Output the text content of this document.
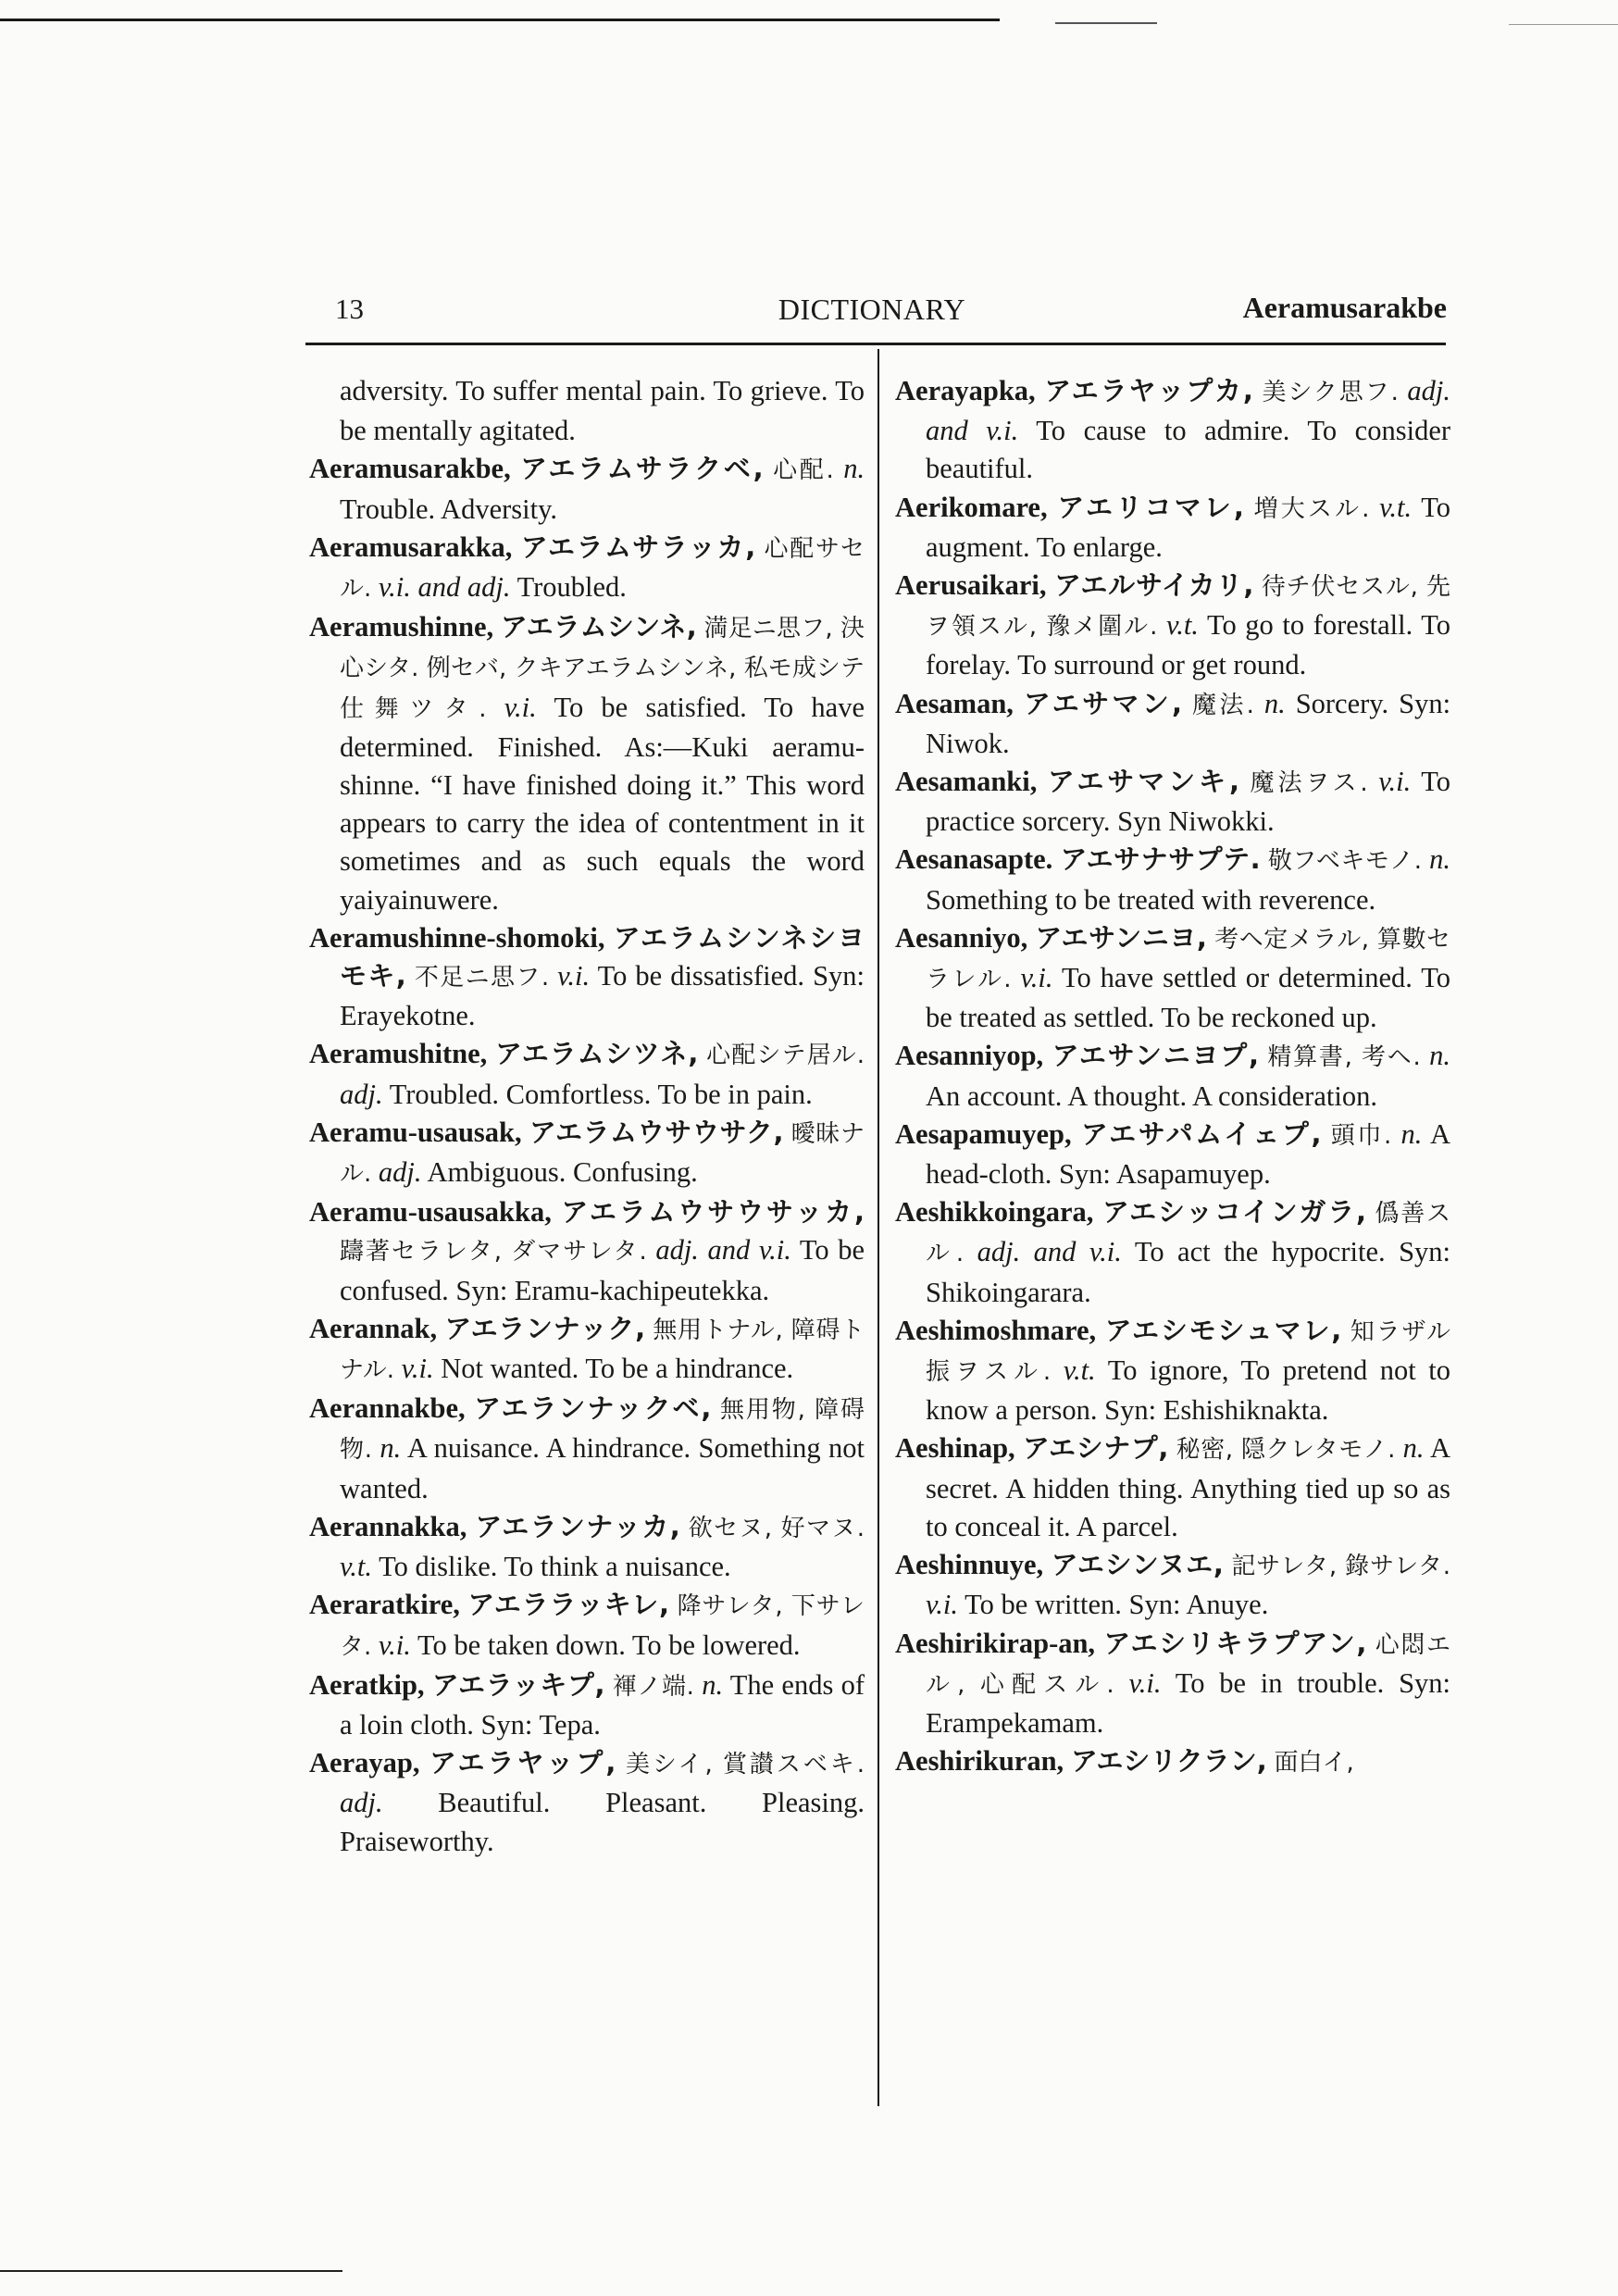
13	DICTIONARY	Aeramusarakbe

adversity. To suffer mental pain. To grieve. To be mentally agitated.

Aeramusarakbe, アエラムサラクベ, 心配. n. Trouble. Adversity.

Aeramusarakka, アエラムサラッカ, 心配サセル. v.i. and adj. Troubled.

Aeramushinne, アエラムシンネ, 満足ニ思フ, 決心シタ. 例セバ, クキアエラムシンネ, 私モ成シテ仕舞ツタ. v.i. To be satisfied. To have determined. Finished. As:—Kuki aeramu-shinne. “I have finished doing it.” This word appears to carry the idea of contentment in it sometimes and as such equals the word yaiyainuwere.

Aeramushinne-shomoki, アエラムシンネシヨモキ, 不足ニ思フ. v.i. To be dissatisfied. Syn: Erayekotne.

Aeramushitne, アエラムシツネ, 心配シテ居ル. adj. Troubled. Comfortless. To be in pain.

Aeramu-usausak, アエラムウサウサク, 曖昧ナル. adj. Ambiguous. Confusing.

Aeramu-usausakka, アエラムウサウサッカ, 躊著セラレタ, ダマサレタ. adj. and v.i. To be confused. Syn: Eramu-kachipeutekka.

Aerannak, アエランナック, 無用トナル, 障碍トナル. v.i. Not wanted. To be a hindrance.

Aerannakbe, アエランナックベ, 無用物, 障碍物. n. A nuisance. A hindrance. Something not wanted.

Aerannakka, アエランナッカ, 欲セヌ, 好マヌ. v.t. To dislike. To think a nuisance.

Aeraratkire, アエララッキレ, 降サレタ, 下サレタ. v.i. To be taken down. To be lowered.

Aeratkip, アエラッキプ, 褌ノ端. n. The ends of a loin cloth. Syn: Tepa.

Aerayap, アエラヤップ, 美シイ, 賞讃スベキ. adj. Beautiful. Pleasant. Pleasing. Praiseworthy.

Aerayapka, アエラヤップカ, 美シク思フ. adj. and v.i. To cause to admire. To consider beautiful.

Aerikomare, アエリコマレ, 増大スル. v.t. To augment. To enlarge.

Aerusaikari, アエルサイカリ, 待チ伏セスル, 先ヲ領スル, 豫メ圍ル. v.t. To go to forestall. To forelay. To surround or get round.

Aesaman, アエサマン, 魔法. n. Sorcery. Syn: Niwok.

Aesamanki, アエサマンキ, 魔法ヲス. v.i. To practice sorcery. Syn Niwokki.

Aesanasapte. アエサナサプテ. 敬フベキモノ. n. Something to be treated with reverence.

Aesanniyo, アエサンニヨ, 考ヘ定メラル, 算數セラレル. v.i. To have settled or determined. To be treated as settled. To be reckoned up.

Aesanniyop, アエサンニヨプ, 精算書, 考ヘ. n. An account. A thought. A consideration.

Aesapamuyep, アエサパムイェプ, 頭巾. n. A head-cloth. Syn: Asapamuyep.

Aeshikkoingara, アエシッコインガラ, 僞善スル. adj. and v.i. To act the hypocrite. Syn: Shikoingarara.

Aeshimoshmare, アエシモシュマレ, 知ラザル振ヲスル. v.t. To ignore, To pretend not to know a person. Syn: Eshishiknakta.

Aeshinap, アエシナプ, 秘密, 隠クレタモノ. n. A secret. A hidden thing. Anything tied up so as to conceal it. A parcel.

Aeshinnuye, アエシンヌエ, 記サレタ, 錄サレタ. v.i. To be written. Syn: Anuye.

Aeshirikirap-an, アエシリキラプアン, 心悶エル, 心配スル. v.i. To be in trouble. Syn: Erampekamam.

Aeshirikuran, アエシリクラン, 面白イ,
